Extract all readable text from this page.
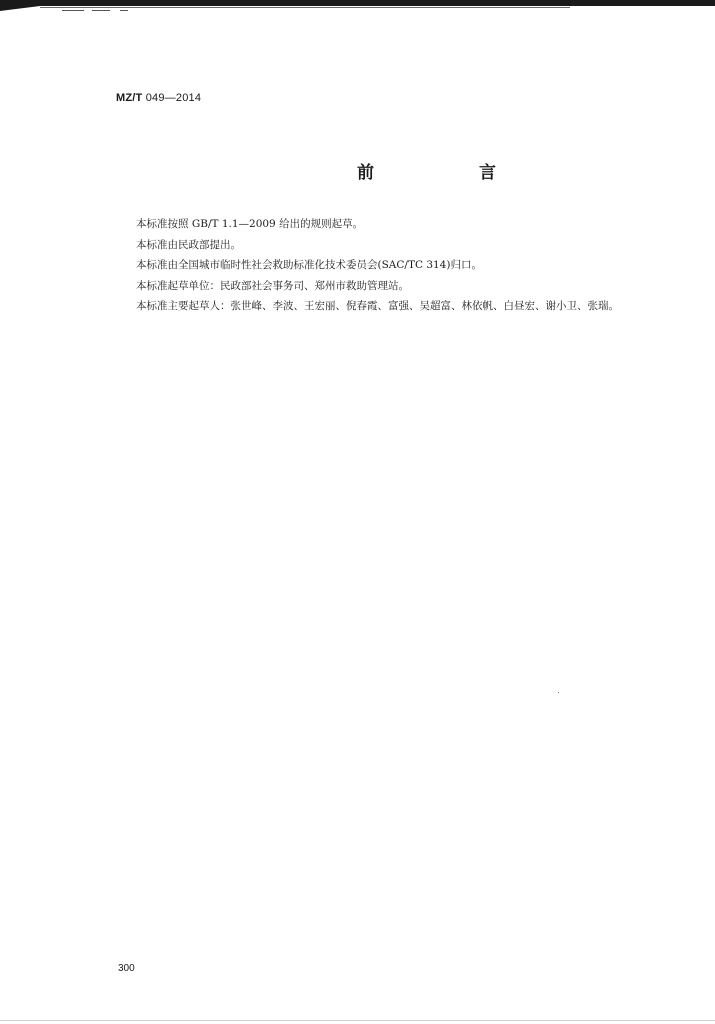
MZ/T 049—2014
前　言
本标准按照 GB/T 1.1—2009 给出的规则起草。
本标准由民政部提出。
本标准由全国城市临时性社会救助标准化技术委员会(SAC/TC 314)归口。
本标准起草单位：民政部社会事务司、郑州市救助管理站。
本标准主要起草人：张世峰、李波、王宏丽、倪春霞、富强、吴超富、林依帆、白昼宏、谢小卫、张瑞。
300
